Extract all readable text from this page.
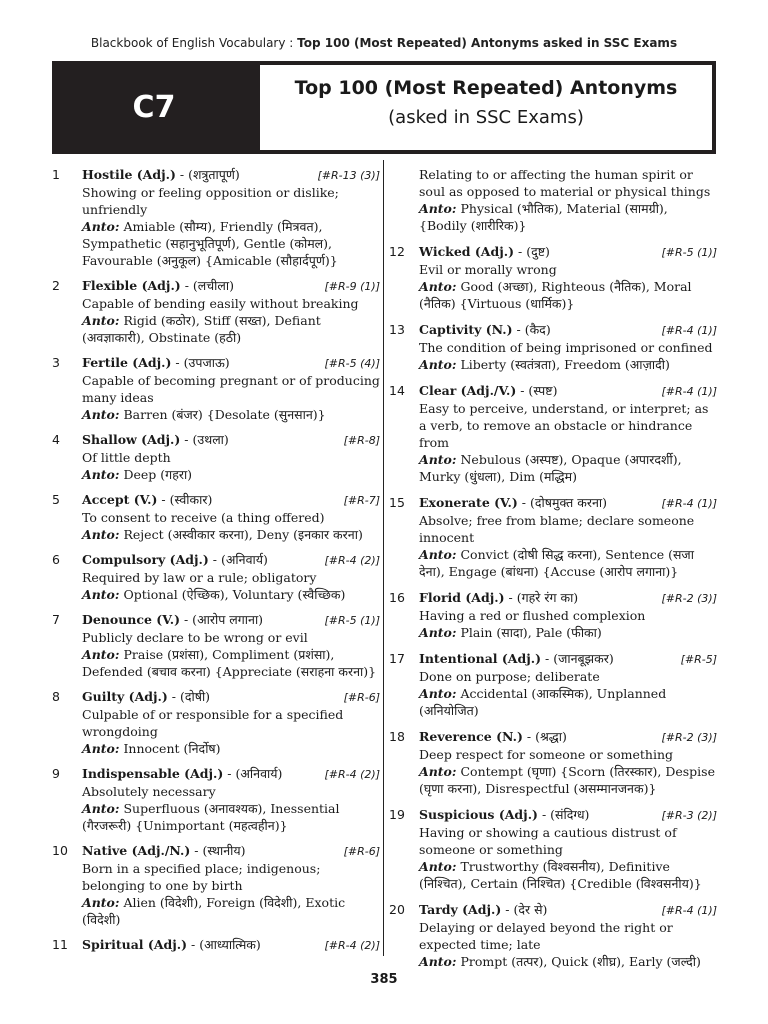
Blackbook of English Vocabulary : Top 100 (Most Repeated) Antonyms asked in SSC Exams
C7
Top 100 (Most Repeated) Antonyms
(asked in SSC Exams)
1 Hostile (Adj.) - (शत्रुतापूर्ण)	[#R-13 (3)]
Showing or feeling opposition or dislike; unfriendly
Anto: Amiable (सौम्य), Friendly (मित्रवत), Sympathetic (सहानुभूतिपूर्ण), Gentle (कोमल), Favourable (अनुकूल) {Amicable (सौहार्दपूर्ण)}
2 Flexible (Adj.) - (लचीला)	[#R-9 (1)]
Capable of bending easily without breaking
Anto: Rigid (कठोर), Stiff (सख्त), Defiant (अवज्ञाकारी), Obstinate (हठी)
3 Fertile (Adj.) - (उपजाऊ)	[#R-5 (4)]
Capable of becoming pregnant or of producing many ideas
Anto: Barren (बंजर) {Desolate (सुनसान)}
4 Shallow (Adj.) - (उथला)	[#R-8]
Of little depth
Anto: Deep (गहरा)
5 Accept (V.) - (स्वीकार)	[#R-7]
To consent to receive (a thing offered)
Anto: Reject (अस्वीकार करना), Deny (इनकार करना)
6 Compulsory (Adj.) - (अनिवार्य)	[#R-4 (2)]
Required by law or a rule; obligatory
Anto: Optional (ऐच्छिक), Voluntary (स्वैच्छिक)
7 Denounce (V.) - (आरोप लगाना)	[#R-5 (1)]
Publicly declare to be wrong or evil
Anto: Praise (प्रशंसा), Compliment (प्रशंसा), Defended (बचाव करना) {Appreciate (सराहना करना)}
8 Guilty (Adj.) - (दोषी)	[#R-6]
Culpable of or responsible for a specified wrongdoing
Anto: Innocent (निर्दोष)
9 Indispensable (Adj.) - (अनिवार्य)	[#R-4 (2)]
Absolutely necessary
Anto: Superfluous (अनावश्यक), Inessential (गैरजरूरी) {Unimportant (महत्वहीन)}
10 Native (Adj./N.) - (स्थानीय)	[#R-6]
Born in a specified place; indigenous; belonging to one by birth
Anto: Alien (विदेशी), Foreign (विदेशी), Exotic (विदेशी)
11 Spiritual (Adj.) - (आध्यात्मिक)	[#R-4 (2)]
Relating to or affecting the human spirit or soul as opposed to material or physical things
Anto: Physical (भौतिक), Material (सामग्री), {Bodily (शारीरिक)}
12 Wicked (Adj.) - (दुष्ट)	[#R-5 (1)]
Evil or morally wrong
Anto: Good (अच्छा), Righteous (नैतिक), Moral (नैतिक) {Virtuous (धार्मिक)}
13 Captivity (N.) - (कैद)	[#R-4 (1)]
The condition of being imprisoned or confined
Anto: Liberty (स्वतंत्रता), Freedom (आज़ादी)
14 Clear (Adj./V.) - (स्पष्ट)	[#R-4 (1)]
Easy to perceive, understand, or interpret; as a verb, to remove an obstacle or hindrance from
Anto: Nebulous (अस्पष्ट), Opaque (अपारदर्शी), Murky (धुंधला), Dim (मद्धिम)
15 Exonerate (V.) - (दोषमुक्त करना)	[#R-4 (1)]
Absolve; free from blame; declare someone innocent
Anto: Convict (दोषी सिद्ध करना), Sentence (सजा देना), Engage (बांधना) {Accuse (आरोप लगाना)}
16 Florid (Adj.) - (गहरे रंग का)	[#R-2 (3)]
Having a red or flushed complexion
Anto: Plain (सादा), Pale (फीका)
17 Intentional (Adj.) - (जानबूझकर)	[#R-5]
Done on purpose; deliberate
Anto: Accidental (आकस्मिक), Unplanned (अनियोजित)
18 Reverence (N.) - (श्रद्धा)	[#R-2 (3)]
Deep respect for someone or something
Anto: Contempt (घृणा) {Scorn (तिरस्कार), Despise (घृणा करना), Disrespectful (असम्मानजनक)}
19 Suspicious (Adj.) - (संदिग्ध)	[#R-3 (2)]
Having or showing a cautious distrust of someone or something
Anto: Trustworthy (विश्वसनीय), Definitive (निश्चित), Certain (निश्चित) {Credible (विश्वसनीय)}
20 Tardy (Adj.) - (देर से)	[#R-4 (1)]
Delaying or delayed beyond the right or expected time; late
Anto: Prompt (तत्पर), Quick (शीघ्र), Early (जल्दी)
385
